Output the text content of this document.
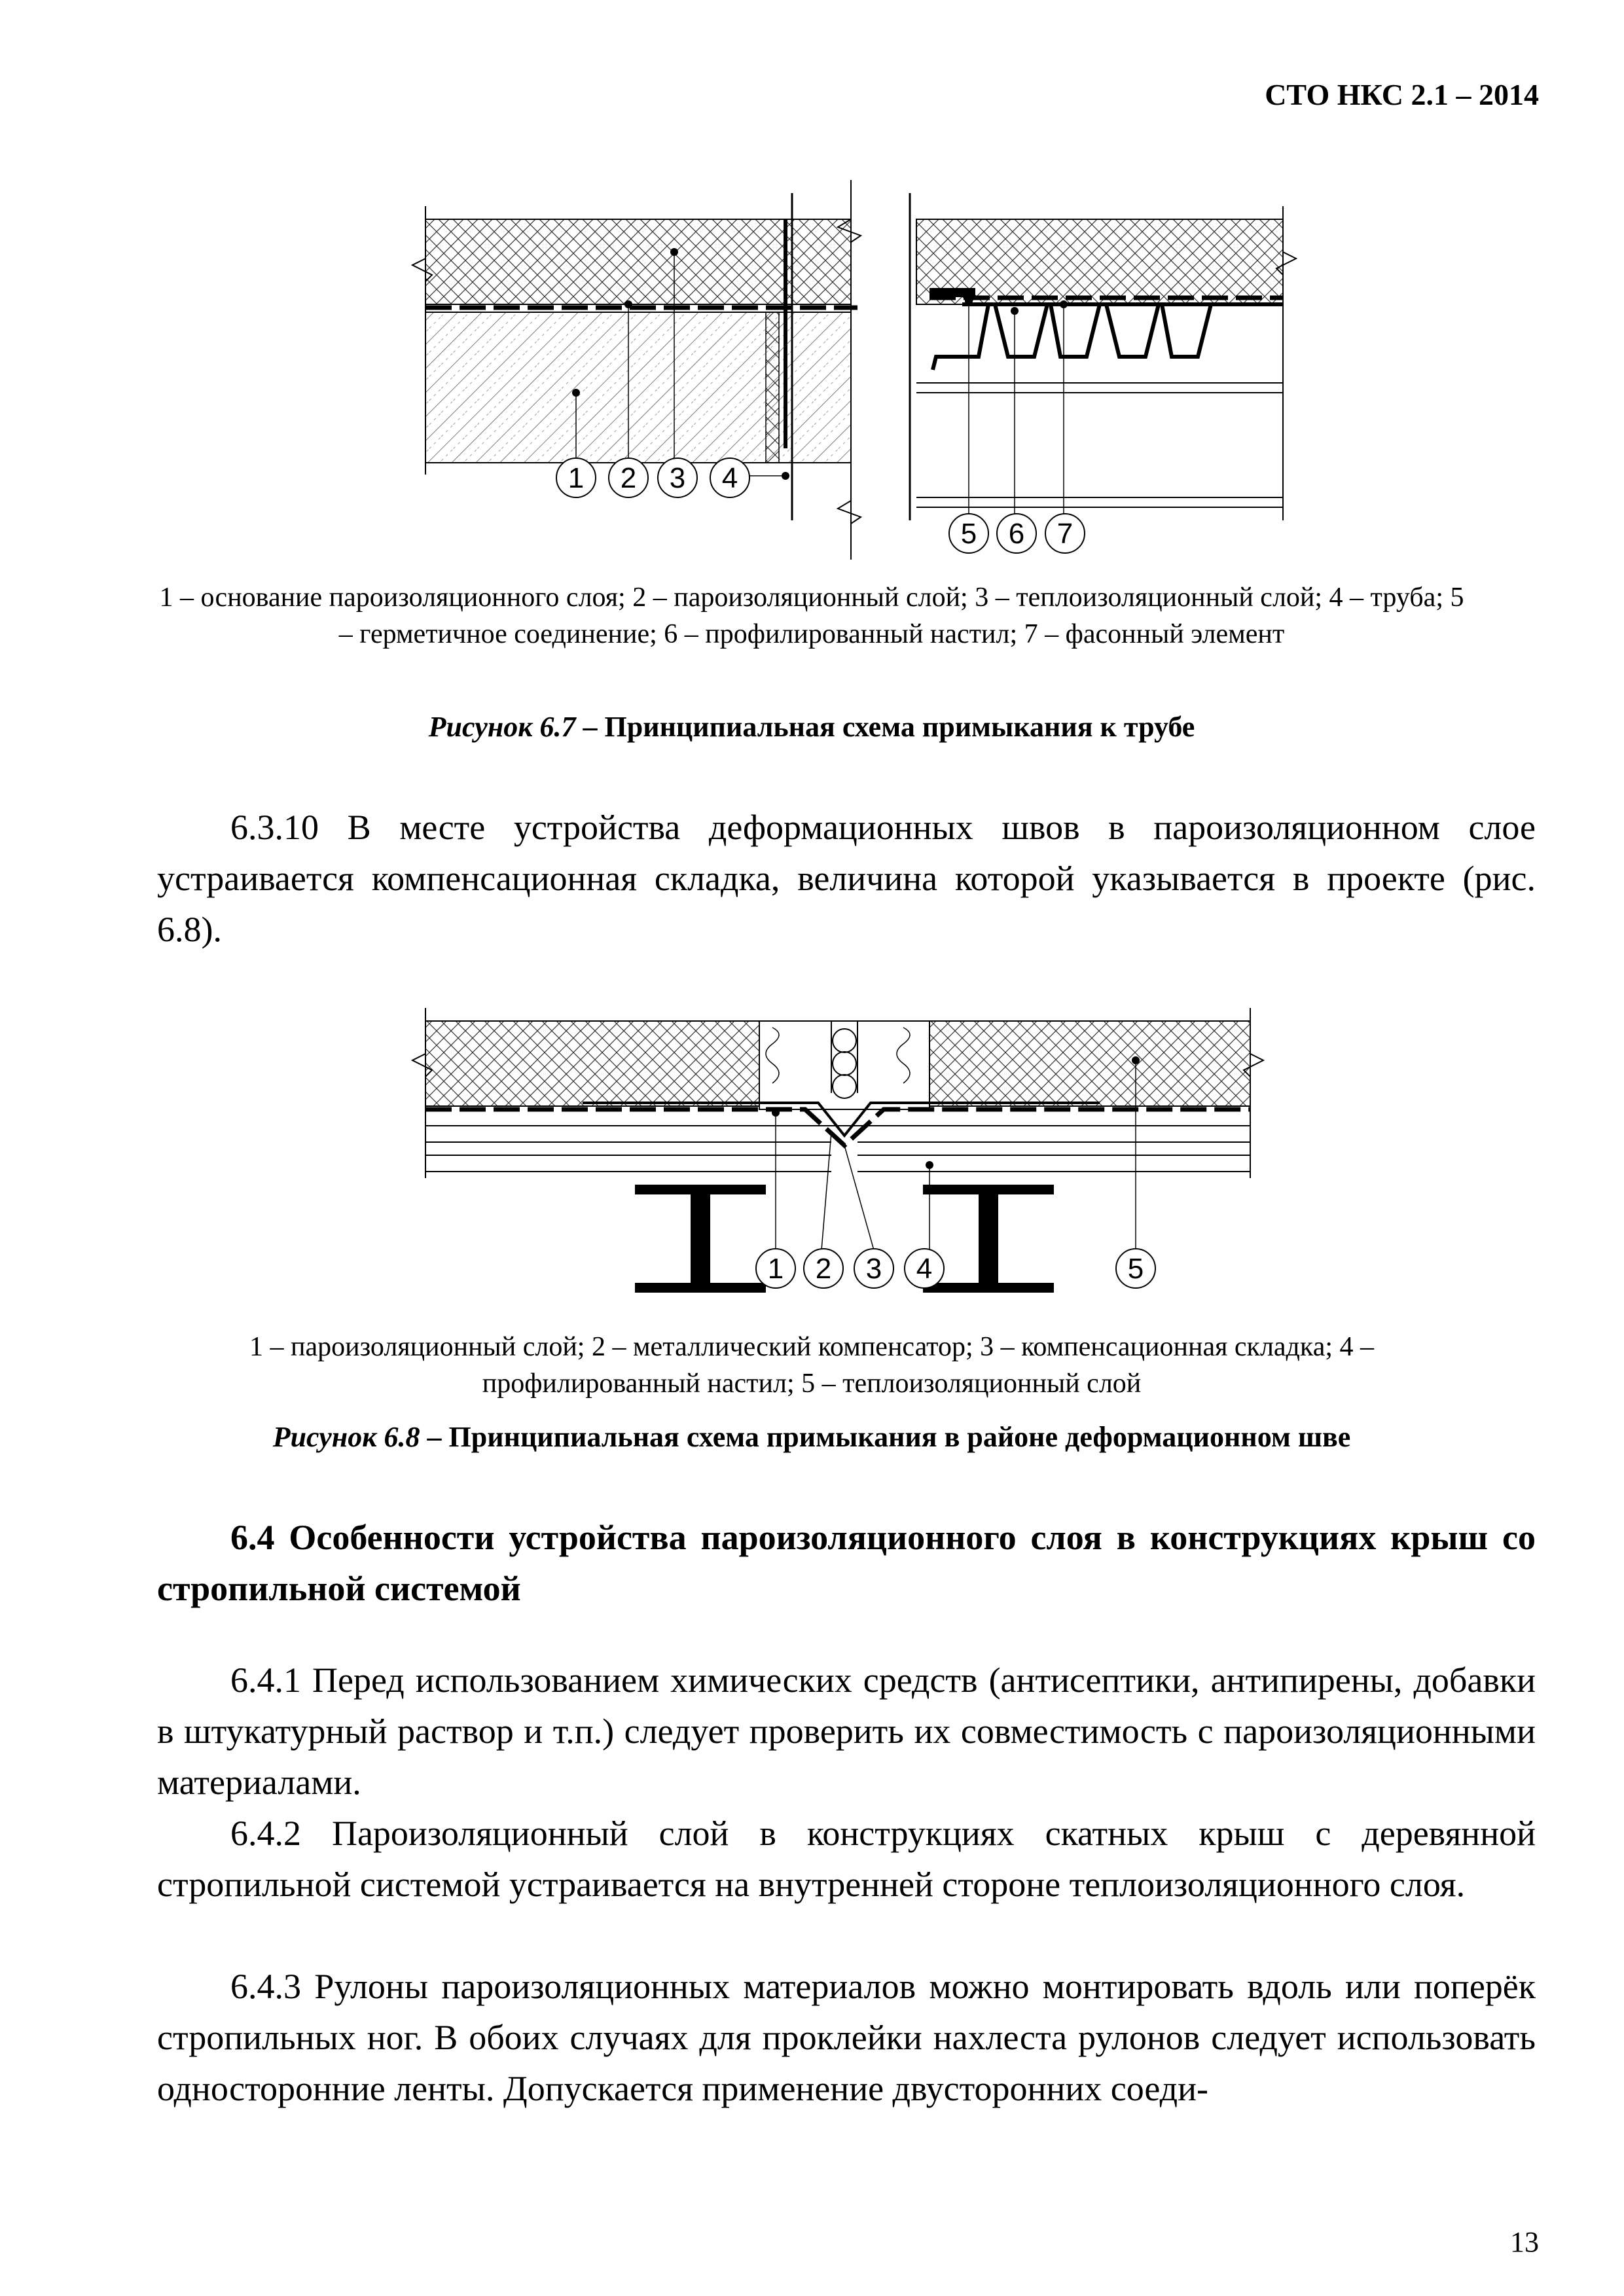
СТО НКС 2.1 – 2014
1 2 3 4
5 6 7
1 – основание пароизоляционного слоя; 2 – пароизоляционный слой; 3 – теплоизоляционный слой; 4 – труба; 5 – герметичное соединение; 6 – профилированный настил; 7 – фасонный элемент
Рисунок 6.7 – Принципиальная схема примыкания к трубе
6.3.10 В месте устройства деформационных швов в пароизоляционном слое устраивается компенсационная складка, величина которой указывается в проекте (рис. 6.8).
1 2 3 4	5
1 – пароизоляционный слой; 2 – металлический компенсатор; 3 – компенсационная складка; 4 – профилированный настил; 5 – теплоизоляционный слой
Рисунок 6.8 – Принципиальная схема примыкания в районе деформационном шве
6.4 Особенности устройства пароизоляционного слоя в конструкциях крыш со стропильной системой
6.4.1 Перед использованием химических средств (антисептики, антипирены, добавки в штукатурный раствор и т.п.) следует проверить их совместимость с пароизоляционными материалами.
6.4.2 Пароизоляционный слой в конструкциях скатных крыш с деревянной стропильной системой устраивается на внутренней стороне теплоизоляционного слоя.
6.4.3 Рулоны пароизоляционных материалов можно монтировать вдоль или поперёк стропильных ног. В обоих случаях для проклейки нахлеста рулонов следует использовать односторонние ленты. Допускается применение двусторонних соеди-
13
